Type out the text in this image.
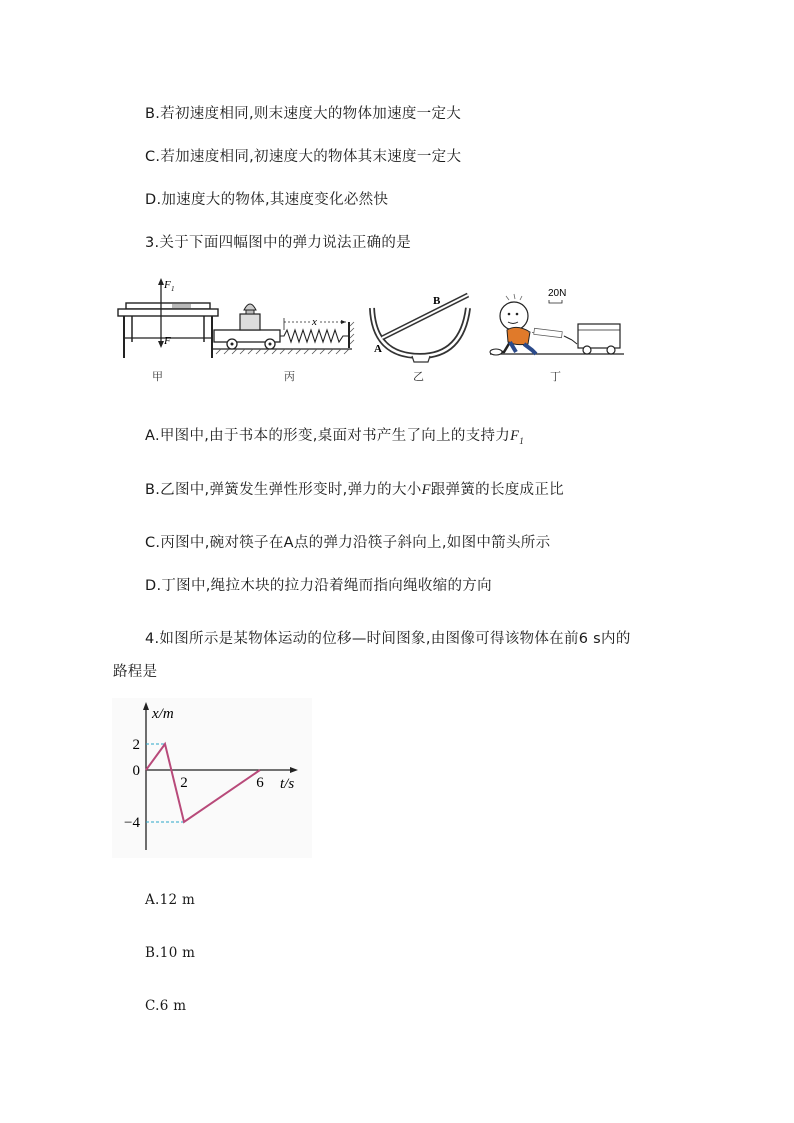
B.若初速度相同,则末速度大的物体加速度一定大
C.若加速度相同,初速度大的物体其末速度一定大
D.加速度大的物体,其速度变化必然快
3.关于下面四幅图中的弹力说法正确的是
F 1
F
甲
x
丙
A
B
乙
20N
丁
A.甲图中,由于书本的形变,桌面对书产生了向上的支持力$F_1$
B.乙图中,弹簧发生弹性形变时,弹力的大小F跟弹簧的长度成正比
C.丙图中,碗对筷子在A点的弹力沿筷子斜向上,如图中箭头所示
D.丁图中,绳拉木块的拉力沿着绳而指向绳收缩的方向
4.如图所示是某物体运动的位移—时间图象,由图像可得该物体在前6 s内的
路程是
x/m
t/s
2	6
2
0
−4
A.12 m
B.10 m
C.6 m
